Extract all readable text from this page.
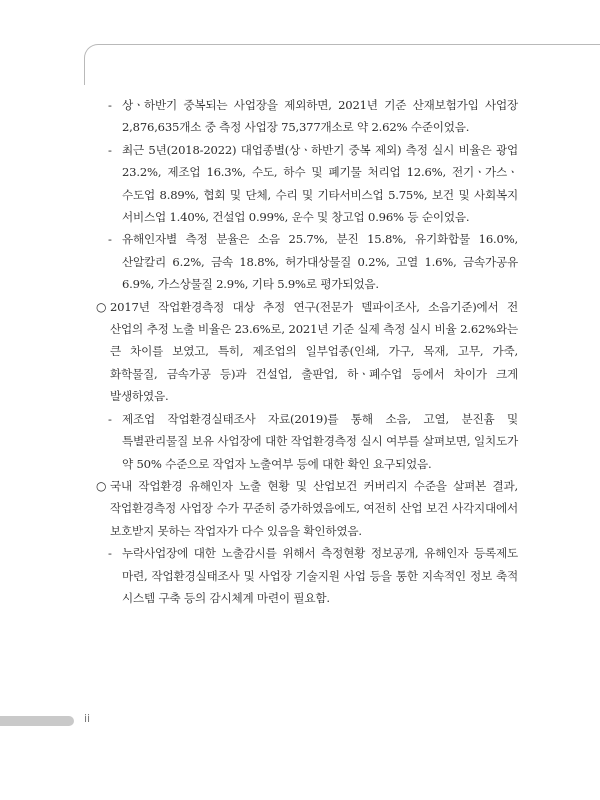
- 상ㆍ하반기 중복되는 사업장을 제외하면, 2021년 기준 산재보험가입 사업장 2,876,635개소 중 측정 사업장 75,377개소로 약 2.62% 수준이었음.
- 최근 5년(2018-2022) 대업종별(상ㆍ하반기 중복 제외) 측정 실시 비율은 광업 23.2%, 제조업 16.3%, 수도, 하수 및 폐기물 처리업 12.6%, 전기ㆍ가스ㆍ 수도업 8.89%, 협회 및 단체, 수리 및 기타서비스업 5.75%, 보건 및 사회복지 서비스업 1.40%, 건설업 0.99%, 운수 및 창고업 0.96% 등 순이었음.
- 유해인자별 측정 분율은 소음 25.7%, 분진 15.8%, 유기화합물 16.0%, 산알칼리 6.2%, 금속 18.8%, 허가대상물질 0.2%, 고열 1.6%, 금속가공유 6.9%, 가스상물질 2.9%, 기타 5.9%로 평가되었음.
○ 2017년 작업환경측정 대상 추정 연구(전문가 델파이조사, 소음기준)에서 전 산업의 추정 노출 비율은 23.6%로, 2021년 기준 실제 측정 실시 비율 2.62%와는 큰 차이를 보였고, 특히, 제조업의 일부업종(인쇄, 가구, 목재, 고무, 가죽, 화학물질, 금속가공 등)과 건설업, 출판업, 하ㆍ폐수업 등에서 차이가 크게 발생하였음.
- 제조업 작업환경실태조사 자료(2019)를 통해 소음, 고열, 분진흄 및 특별관리물질 보유 사업장에 대한 작업환경측정 실시 여부를 살펴보면, 일치도가 약 50% 수준으로 작업자 노출여부 등에 대한 확인 요구되었음.
○ 국내 작업환경 유해인자 노출 현황 및 산업보건 커버리지 수준을 살펴본 결과, 작업환경측정 사업장 수가 꾸준히 증가하였음에도, 여전히 산업 보건 사각지대에서 보호받지 못하는 작업자가 다수 있음을 확인하였음.
- 누락사업장에 대한 노출감시를 위해서 측정현황 정보공개, 유해인자 등록제도 마련, 작업환경실태조사 및 사업장 기술지원 사업 등을 통한 지속적인 정보 축적 시스템 구축 등의 감시체계 마련이 필요함.
ii
